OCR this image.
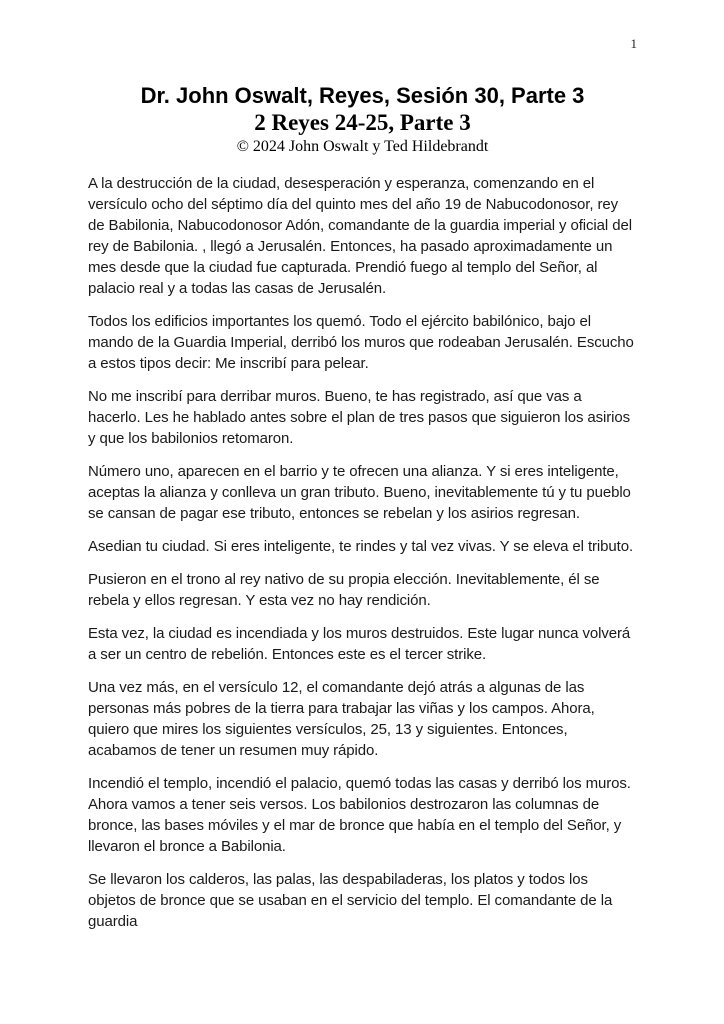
1
Dr. John Oswalt, Reyes, Sesión 30, Parte 3
2 Reyes 24-25, Parte 3
© 2024 John Oswalt y Ted Hildebrandt

A la destrucción de la ciudad, desesperación y esperanza, comenzando en el versículo ocho del séptimo día del quinto mes del año 19 de Nabucodonosor, rey de Babilonia, Nabucodonosor Adón, comandante de la guardia imperial y oficial del rey de Babilonia. , llegó a Jerusalén. Entonces, ha pasado aproximadamente un mes desde que la ciudad fue capturada. Prendió fuego al templo del Señor, al palacio real y a todas las casas de Jerusalén.

Todos los edificios importantes los quemó. Todo el ejército babilónico, bajo el mando de la Guardia Imperial, derribó los muros que rodeaban Jerusalén. Escucho a estos tipos decir: Me inscribí para pelear.

No me inscribí para derribar muros. Bueno, te has registrado, así que vas a hacerlo. Les he hablado antes sobre el plan de tres pasos que siguieron los asirios y que los babilonios retomaron.

Número uno, aparecen en el barrio y te ofrecen una alianza. Y si eres inteligente, aceptas la alianza y conlleva un gran tributo. Bueno, inevitablemente tú y tu pueblo se cansan de pagar ese tributo, entonces se rebelan y los asirios regresan.

Asedian tu ciudad. Si eres inteligente, te rindes y tal vez vivas. Y se eleva el tributo.

Pusieron en el trono al rey nativo de su propia elección. Inevitablemente, él se rebela y ellos regresan. Y esta vez no hay rendición.

Esta vez, la ciudad es incendiada y los muros destruidos. Este lugar nunca volverá a ser un centro de rebelión. Entonces este es el tercer strike.

Una vez más, en el versículo 12, el comandante dejó atrás a algunas de las personas más pobres de la tierra para trabajar las viñas y los campos. Ahora, quiero que mires los siguientes versículos, 25, 13 y siguientes. Entonces, acabamos de tener un resumen muy rápido.

Incendió el templo, incendió el palacio, quemó todas las casas y derribó los muros. Ahora vamos a tener seis versos. Los babilonios destrozaron las columnas de bronce, las bases móviles y el mar de bronce que había en el templo del Señor, y llevaron el bronce a Babilonia.

Se llevaron los calderos, las palas, las despabiladeras, los platos y todos los objetos de bronce que se usaban en el servicio del templo. El comandante de la guardia
